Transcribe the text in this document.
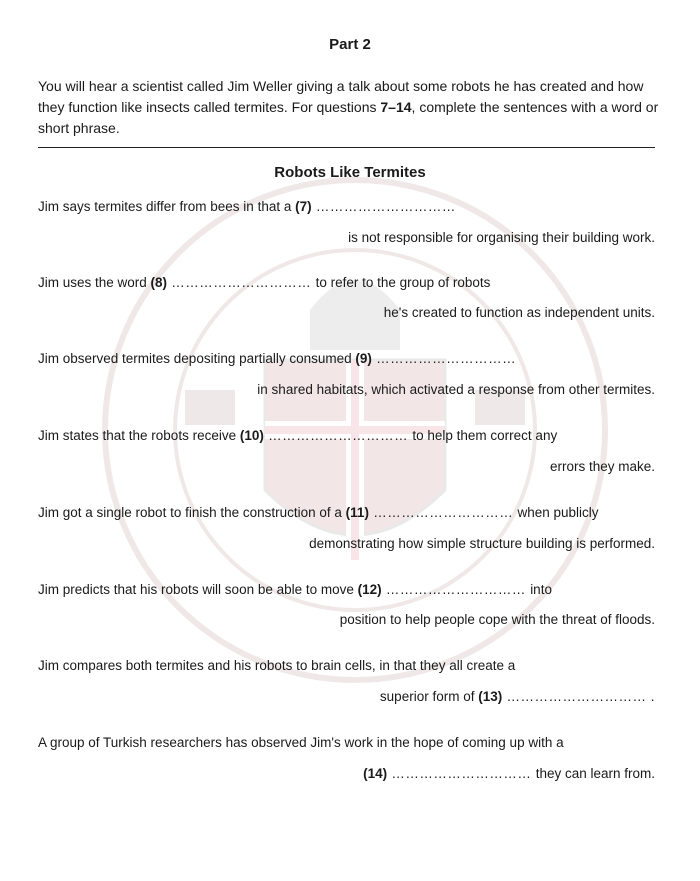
Part 2
You will hear a scientist called Jim Weller giving a talk about some robots he has created and how they function like insects called termites. For questions 7–14, complete the sentences with a word or short phrase.
Robots Like Termites
Jim says termites differ from bees in that a (7) …………………………
is not responsible for organising their building work.
Jim uses the word (8) ………………………… to refer to the group of robots
he's created to function as independent units.
Jim observed termites depositing partially consumed (9) …………………………
in shared habitats, which activated a response from other termites.
Jim states that the robots receive (10) ………………………… to help them correct any
errors they make.
Jim got a single robot to finish the construction of a (11) ………………………… when publicly
demonstrating how simple structure building is performed.
Jim predicts that his robots will soon be able to move (12) ………………………… into
position to help people cope with the threat of floods.
Jim compares both termites and his robots to brain cells, in that they all create a
superior form of (13) ………………………… .
A group of Turkish researchers has observed Jim's work in the hope of coming up with a
(14) ………………………… they can learn from.
